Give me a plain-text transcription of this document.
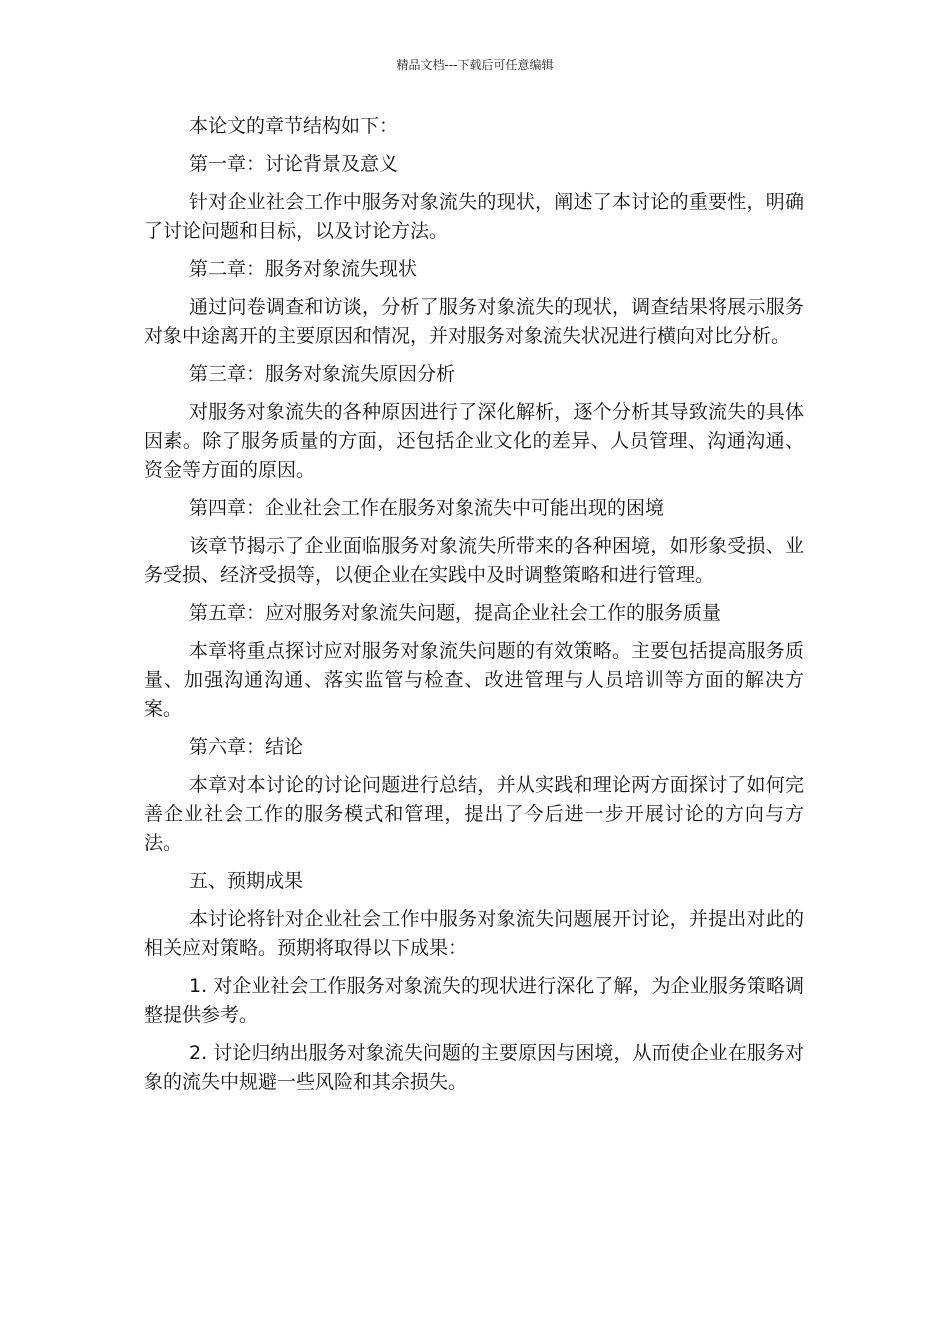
精品文档---下载后可任意编辑

本论文的章节结构如下：

第一章：讨论背景及意义

针对企业社会工作中服务对象流失的现状，阐述了本讨论的重要性，明确了讨论问题和目标，以及讨论方法。

第二章：服务对象流失现状

通过问卷调查和访谈，分析了服务对象流失的现状，调查结果将展示服务对象中途离开的主要原因和情况，并对服务对象流失状况进行横向对比分析。

第三章：服务对象流失原因分析

对服务对象流失的各种原因进行了深化解析，逐个分析其导致流失的具体因素。除了服务质量的方面，还包括企业文化的差异、人员管理、沟通沟通、资金等方面的原因。

第四章：企业社会工作在服务对象流失中可能出现的困境

该章节揭示了企业面临服务对象流失所带来的各种困境，如形象受损、业务受损、经济受损等，以便企业在实践中及时调整策略和进行管理。

第五章：应对服务对象流失问题，提高企业社会工作的服务质量

本章将重点探讨应对服务对象流失问题的有效策略。主要包括提高服务质量、加强沟通沟通、落实监管与检查、改进管理与人员培训等方面的解决方案。

第六章：结论

本章对本讨论的讨论问题进行总结，并从实践和理论两方面探讨了如何完善企业社会工作的服务模式和管理，提出了今后进一步开展讨论的方向与方法。

五、预期成果

本讨论将针对企业社会工作中服务对象流失问题展开讨论，并提出对此的相关应对策略。预期将取得以下成果：

1. 对企业社会工作服务对象流失的现状进行深化了解，为企业服务策略调整提供参考。

2. 讨论归纳出服务对象流失问题的主要原因与困境，从而使企业在服务对象的流失中规避一些风险和其余损失。
